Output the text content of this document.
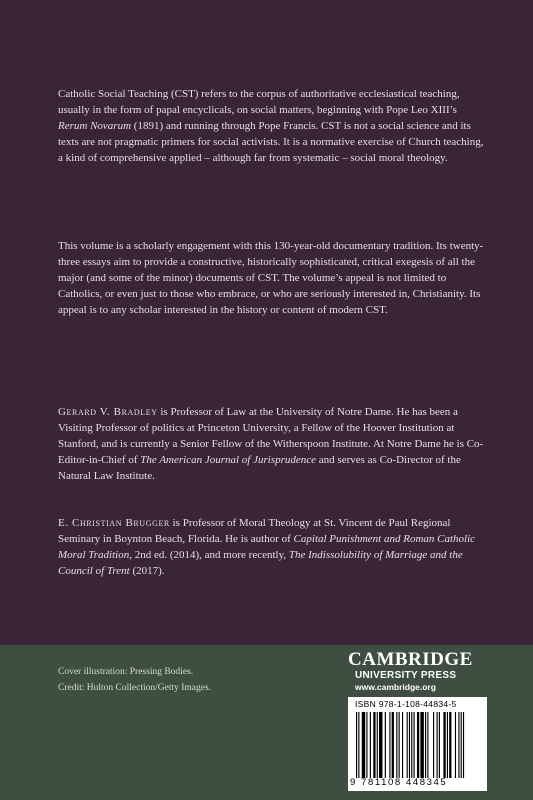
Catholic Social Teaching (CST) refers to the corpus of authoritative ecclesiastical teaching, usually in the form of papal encyclicals, on social matters, beginning with Pope Leo XIII’s Rerum Novarum (1891) and running through Pope Francis. CST is not a social science and its texts are not pragmatic primers for social activists. It is a normative exercise of Church teaching, a kind of comprehensive applied – although far from systematic – social moral theology.

This volume is a scholarly engagement with this 130-year-old documentary tradition. Its twenty-three essays aim to provide a constructive, historically sophisticated, critical exegesis of all the major (and some of the minor) documents of CST. The volume’s appeal is not limited to Catholics, or even just to those who embrace, or who are seriously interested in, Christianity. Its appeal is to any scholar interested in the history or content of modern CST.

Gerard V. Bradley is Professor of Law at the University of Notre Dame. He has been a Visiting Professor of politics at Princeton University, a Fellow of the Hoover Institution at Stanford, and is currently a Senior Fellow of the Witherspoon Institute. At Notre Dame he is Co-Editor-in-Chief of The American Journal of Jurisprudence and serves as Co-Director of the Natural Law Institute.

E. Christian Brugger is Professor of Moral Theology at St. Vincent de Paul Regional Seminary in Boynton Beach, Florida. He is author of Capital Punishment and Roman Catholic Moral Tradition, 2nd ed. (2014), and more recently, The Indissolubility of Marriage and the Council of Trent (2017).

Cover illustration: Pressing Bodies.
Credit: Hulton Collection/Getty Images.
CAMBRIDGE
UNIVERSITY PRESS
www.cambridge.org
ISBN 978-1-108-44834-5
9 781108 448345
